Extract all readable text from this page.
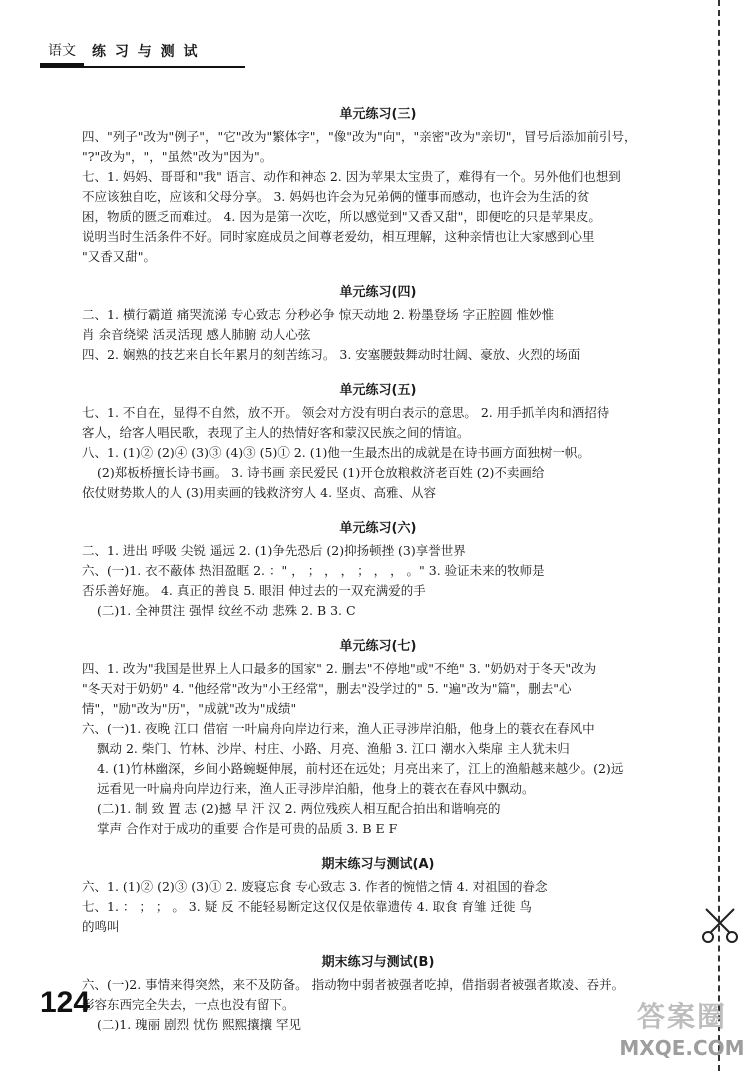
语文	练 习 与 测 试
单元练习(三)
四、"列子"改为"例子"，"它"改为"繁体字"，"像"改为"向"，"亲密"改为"亲切"，冒号后添加前引号，
"?"改为"，"，"虽然"改为"因为"。
七、1. 妈妈、哥哥和"我" 语言、动作和神态 2. 因为苹果太宝贵了，难得有一个。另外他们也想到
不应该独自吃，应该和父母分享。 3. 妈妈也许会为兄弟俩的懂事而感动，也许会为生活的贫
困，物质的匮乏而难过。 4. 因为是第一次吃，所以感觉到"又香又甜"，即便吃的只是苹果皮。
说明当时生活条件不好。同时家庭成员之间尊老爱幼，相互理解，这种亲情也让大家感到心里
"又香又甜"。
单元练习(四)
二、1. 横行霸道 痛哭流涕 专心致志 分秒必争 惊天动地 2. 粉墨登场 字正腔圆 惟妙惟
肖 余音绕梁 活灵活现 感人肺腑 动人心弦
四、2. 娴熟的技艺来自长年累月的刻苦练习。 3. 安塞腰鼓舞动时壮阔、豪放、火烈的场面
单元练习(五)
七、1. 不自在，显得不自然，放不开。 领会对方没有明白表示的意思。 2. 用手抓羊肉和酒招待
客人，给客人唱民歌，表现了主人的热情好客和蒙汉民族之间的情谊。
八、1. (1)② (2)④ (3)③ (4)③ (5)① 2. (1)他一生最杰出的成就是在诗书画方面独树一帜。
(2)郑板桥擅长诗书画。 3. 诗书画 亲民爱民 (1)开仓放粮救济老百姓 (2)不卖画给
依仗财势欺人的人 (3)用卖画的钱救济穷人 4. 坚贞、高雅、从容
单元练习(六)
二、1. 进出 呼吸 尖锐 遥远 2. (1)争先恐后 (2)抑扬顿挫 (3)享誉世界
六、(一)1. 衣不蔽体 热泪盈眶 2. ：" ， ； ， ， ； ， ， 。" 3. 验证未来的牧师是
否乐善好施。 4. 真正的善良 5. 眼泪 伸过去的一双充满爱的手
(二)1. 全神贯注 强悍 纹丝不动 悲殊 2. B 3. C
单元练习(七)
四、1. 改为"我国是世界上人口最多的国家" 2. 删去"不停地"或"不绝" 3. "奶奶对于冬天"改为
"冬天对于奶奶" 4. "他经常"改为"小王经常"，删去"没学过的" 5. "遍"改为"篇"，删去"心
情"，"励"改为"历"，"成就"改为"成绩"
六、(一)1. 夜晚 江口 借宿 一叶扁舟向岸边行来，渔人正寻涉岸泊船，他身上的蓑衣在春风中
飘动 2. 柴门、竹林、沙岸、村庄、小路、月亮、渔船 3. 江口 潮水入柴扉 主人犹未归
4. (1)竹林幽深，乡间小路蜿蜒伸展，前村还在远处；月亮出来了，江上的渔船越来越少。(2)远
远看见一叶扁舟向岸边行来，渔人正寻涉岸泊船，他身上的蓑衣在春风中飘动。
(二)1. 制 致 置 志 (2)撼 早 汗 汉 2. 两位残疾人相互配合拍出和谐响亮的
掌声 合作对于成功的重要 合作是可贵的品质 3. B E F
期末练习与测试(A)
六、1. (1)② (2)③ (3)① 2. 废寝忘食 专心致志 3. 作者的惋惜之情 4. 对祖国的眷念
七、1. ： ； ； 。 3. 疑 反 不能轻易断定这仅仅是依靠遗传 4. 取食 育雏 迁徙 鸟
的鸣叫
期末练习与测试(B)
六、(一)2. 事情来得突然，来不及防备。 指动物中弱者被强者吃掉，借指弱者被强者欺凌、吞并。
形容东西完全失去，一点也没有留下。
(二)1. 瑰丽 剧烈 忧伤 熙熙攘攘 罕见
124	答案圈
MXQE.COM
